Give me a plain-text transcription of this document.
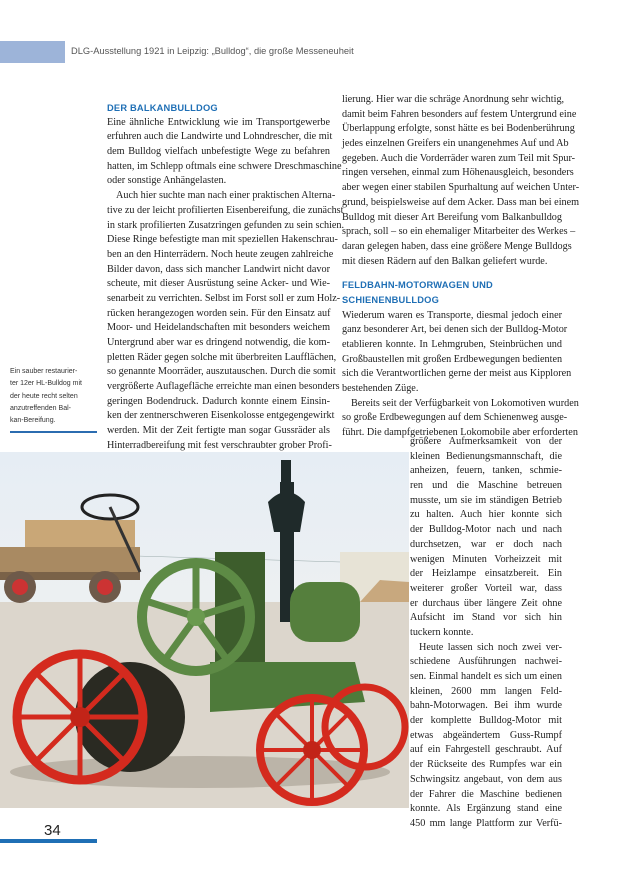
DLG-Ausstellung 1921 in Leipzig: „Bulldog“, die große Messeneuheit
DER BALKANBULLDOG
Eine ähnliche Entwicklung wie im Transportgewerbe
erfuhren auch die Landwirte und Lohndrescher, die mit
dem Bulldog vielfach unbefestigte Wege zu befahren
hatten, im Schlepp oftmals eine schwere Dreschmaschine
oder sonstige Anhängelasten.
Auch hier suchte man nach einer praktischen Alterna-
tive zu der leicht profilierten Eisenbereifung, die zunächst
in stark profilierten Zusatzringen gefunden zu sein schien.
Diese Ringe befestigte man mit speziellen Hakenschrau-
ben an den Hinterrädern. Noch heute zeugen zahlreiche
Bilder davon, dass sich mancher Landwirt nicht davor
scheute, mit dieser Ausrüstung seine Acker- und Wie-
senarbeit zu verrichten. Selbst im Forst soll er zum Holz-
rücken herangezogen worden sein. Für den Einsatz auf
Moor- und Heidelandschaften mit besonders weichem
Untergrund aber war es dringend notwendig, die kom-
pletten Räder gegen solche mit überbreiten Laufflächen,
so genannte Moorräder, auszutauschen. Durch die somit
vergrößerte Auflagefläche erreichte man einen besonders
geringen Bodendruck. Dadurch konnte einem Einsin-
ken der zentnerschweren Eisenkolosse entgegengewirkt
werden. Mit der Zeit fertigte man sogar Gussräder als
Hinterradbereifung mit fest verschraubter grober Profi-
lierung. Hier war die schräge Anordnung sehr wichtig,
damit beim Fahren besonders auf festem Untergrund eine
Überlappung erfolgte, sonst hätte es bei Bodenberührung
jedes einzelnen Greifers ein unangenehmes Auf und Ab
gegeben. Auch die Vorderräder waren zum Teil mit Spur-
ringen versehen, einmal zum Höhenausgleich, besonders
aber wegen einer stabilen Spurhaltung auf weichen Unter-
grund, beispielsweise auf dem Acker. Dass man bei einem
Bulldog mit dieser Art Bereifung vom Balkanbulldog
sprach, soll – so ein ehemaliger Mitarbeiter des Werkes –
daran gelegen haben, dass eine größere Menge Bulldogs
mit diesen Rädern auf den Balkan geliefert wurde.
FELDBAHN-MOTORWAGEN UND
SCHIENENBULLDOG
Wiederum waren es Transporte, diesmal jedoch einer
ganz besonderer Art, bei denen sich der Bulldog-Motor
etablieren konnte. In Lehmgruben, Steinbrüchen und
Großbaustellen mit großen Erdbewegungen bedienten
sich die Verantwortlichen gerne der meist aus Kipploren
bestehenden Züge.
Bereits seit der Verfügbarkeit von Lokomotiven wurden
so große Erdbewegungen auf dem Schienenweg ausge-
führt. Die dampfgetriebenen Lokomobile aber erforderten
größere Aufmerksamkeit von der
kleinen Bedienungsmannschaft, die
anheizen, feuern, tanken, schmie-
ren und die Maschine betreuen
musste, um sie im ständigen Betrieb
zu halten. Auch hier konnte sich
der Bulldog-Motor nach und nach
durchsetzen, war er doch nach
wenigen Minuten Vorheizzeit mit
der Heizlampe einsatzbereit. Ein
weiterer großer Vorteil war, dass
er durchaus über längere Zeit ohne
Aufsicht im Stand vor sich hin
tuckern konnte.
Heute lassen sich noch zwei ver-
schiedene Ausführungen nachwei-
sen. Einmal handelt es sich um einen
kleinen, 2600 mm langen Feld-
bahn-Motorwagen. Bei ihm wurde
der komplette Bulldog-Motor mit
etwas abgeändertem Guss-Rumpf
auf ein Fahrgestell geschraubt. Auf
der Rückseite des Rumpfes war ein
Schwingsitz angebaut, von dem aus
der Fahrer die Maschine bedienen
konnte. Als Ergänzung stand eine
450 mm lange Plattform zur Verfü-
Ein sauber restaurier-
ter 12er HL-Bulldog mit
der heute recht selten
anzutreffenden Bal-
kan-Bereifung.
34
